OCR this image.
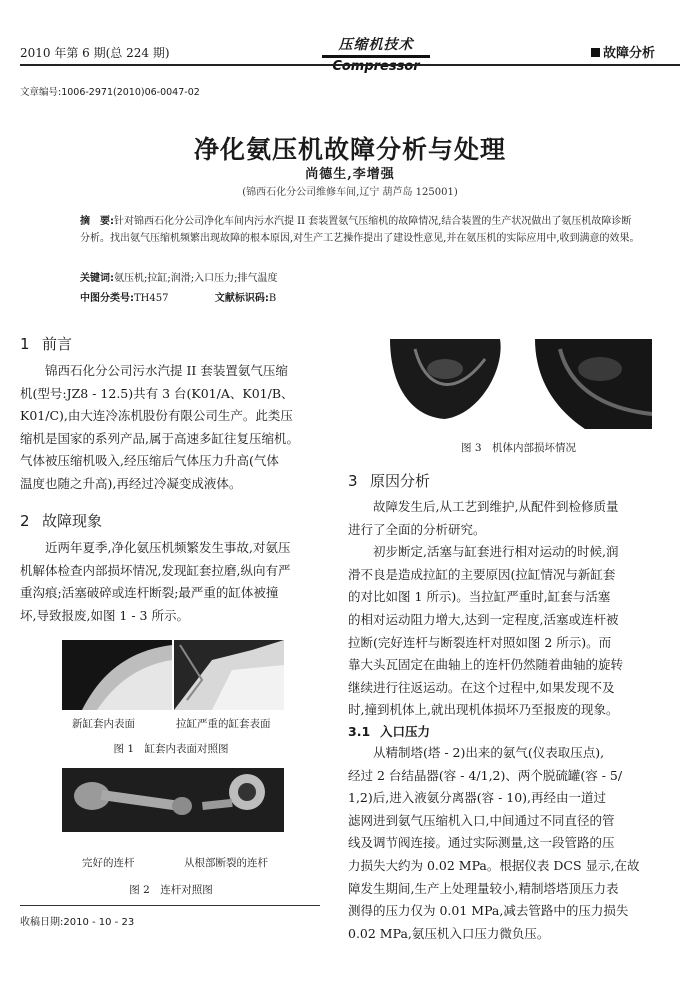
2010 年第 6 期(总 224 期)	压缩机技术
Compressor
故障分析
文章编号:1006-2971(2010)06-0047-02
净化氨压机故障分析与处理
尚德生,李增强
(锦西石化分公司维修车间,辽宁 葫芦岛 125001)
摘　要:针对锦西石化分公司净化车间内污水汽提 II 套装置氨气压缩机的故障情况,结合装置的生产状况做出了氨压机故障诊断分析。找出氨气压缩机频繁出现故障的根本原因,对生产工艺操作提出了建设性意见,并在氨压机的实际应用中,收到满意的效果。
关键词:氨压机;拉缸;润滑;入口压力;排气温度
中图分类号:TH457	文献标识码:B
1 前言

锦西石化分公司污水汽提 II 套装置氨气压缩

机(型号:JZ8 - 12.5)共有 3 台(K01/A、K01/B、
K01/C),由大连冷冻机股份有限公司生产。此类压
缩机是国家的系列产品,属于高速多缸往复压缩机。
气体被压缩机吸入,经压缩后气体压力升高(气体
温度也随之升高),再经过冷凝变成液体。
2 故障现象

近两年夏季,净化氨压机频繁发生事故,对氨压

机解体检查内部损坏情况,发现缸套拉磨,纵向有严
重沟痕;活塞破碎或连杆断裂;最严重的缸体被撞
坏,导致报废,如图 1 - 3 所示。
新缸套内表面	拉缸严重的缸套表面
图 1　缸套内表面对照图
完好的连杆	从根部断裂的连杆
图 2　连杆对照图
收稿日期:2010 - 10 - 23
图 3　机体内部损坏情况
3 原因分析

故障发生后,从工艺到维护,从配件到检修质量

进行了全面的分析研究。

初步断定,活塞与缸套进行相对运动的时候,润

滑不良是造成拉缸的主要原因(拉缸情况与新缸套
的对比如图 1 所示)。当拉缸严重时,缸套与活塞
的相对运动阻力增大,达到一定程度,活塞或连杆被
拉断(完好连杆与断裂连杆对照如图 2 所示)。而
靠大头瓦固定在曲轴上的连杆仍然随着曲轴的旋转
继续进行往返运动。在这个过程中,如果发现不及
时,撞到机体上,就出现机体损坏乃至报废的现象。
3.1 入口压力

从精制塔(塔 - 2)出来的氨气(仪表取压点),

经过 2 台结晶器(容 - 4/1,2)、两个脱硫罐(容 - 5/
1,2)后,进入液氨分离器(容 - 10),再经由一道过
滤网进到氨气压缩机入口,中间通过不同直径的管
线及调节阀连接。通过实际测量,这一段管路的压
力损失大约为 0.02 MPa。根据仪表 DCS 显示,在故
障发生期间,生产上处理量较小,精制塔塔顶压力表
测得的压力仅为 0.01 MPa,减去管路中的压力损失
0.02 MPa,氨压机入口压力微负压。
